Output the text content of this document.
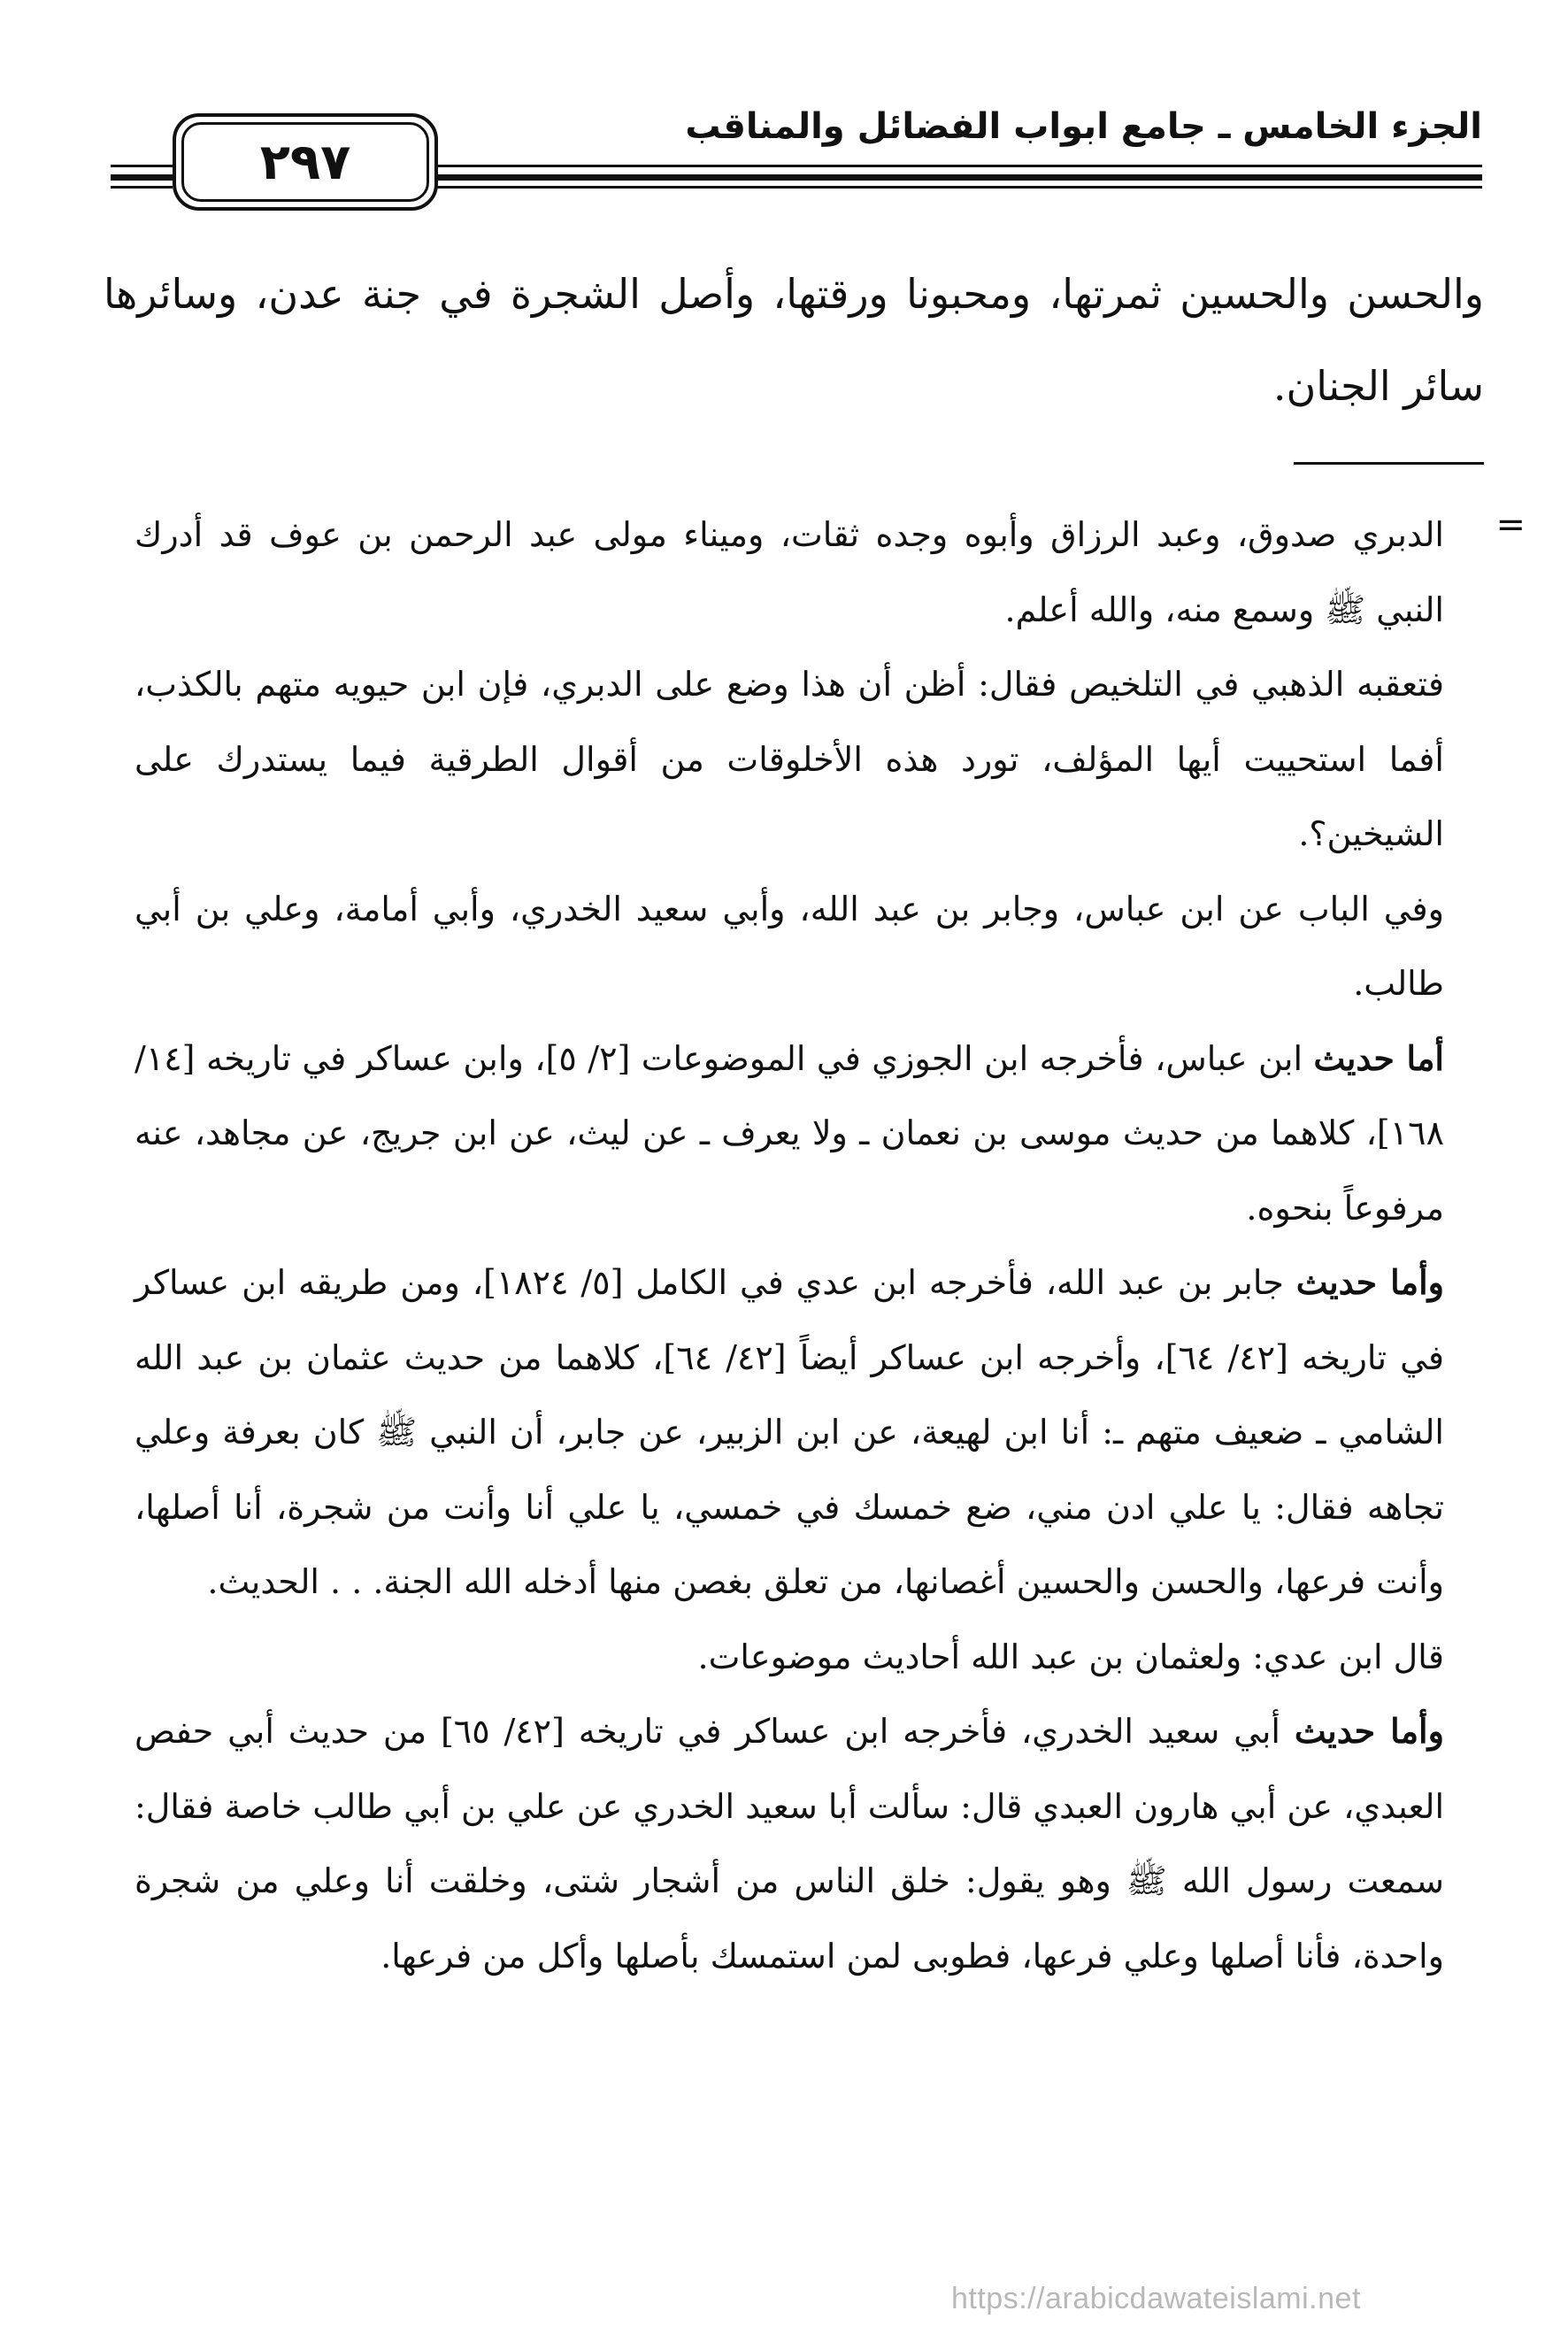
الجزء الخامس ـ جامع ابواب الفضائل والمناقب
٢٩٧
والحسن والحسين ثمرتها، ومحبونا ورقتها، وأصل الشجرة في جنة عدن، وسائرها سائر الجنان.
=

الدبري صدوق، وعبد الرزاق وأبوه وجده ثقات، وميناء مولى عبد الرحمن بن عوف قد أدرك النبي ﷺ وسمع منه، والله أعلم.

فتعقبه الذهبي في التلخيص فقال: أظن أن هذا وضع على الدبري، فإن ابن حيويه متهم بالكذب، أفما استحييت أيها المؤلف، تورد هذه الأخلوقات من أقوال الطرقية فيما يستدرك على الشيخين؟.

وفي الباب عن ابن عباس، وجابر بن عبد الله، وأبي سعيد الخدري، وأبي أمامة، وعلي بن أبي طالب.

أما حديث ابن عباس، فأخرجه ابن الجوزي في الموضوعات [٢/ ٥]، وابن عساكر في تاريخه [١٤/ ١٦٨]، كلاهما من حديث موسى بن نعمان ـ ولا يعرف ـ عن ليث، عن ابن جريج، عن مجاهد، عنه مرفوعاً بنحوه.

وأما حديث جابر بن عبد الله، فأخرجه ابن عدي في الكامل [٥/ ١٨٢٤]، ومن طريقه ابن عساكر في تاريخه [٤٢/ ٦٤]، وأخرجه ابن عساكر أيضاً [٤٢/ ٦٤]، كلاهما من حديث عثمان بن عبد الله الشامي ـ ضعيف متهم ـ: أنا ابن لهيعة، عن ابن الزبير، عن جابر، أن النبي ﷺ كان بعرفة وعلي تجاهه فقال: يا علي ادن مني، ضع خمسك في خمسي، يا علي أنا وأنت من شجرة، أنا أصلها، وأنت فرعها، والحسن والحسين أغصانها، من تعلق بغصن منها أدخله الله الجنة. . . الحديث.

قال ابن عدي: ولعثمان بن عبد الله أحاديث موضوعات.

وأما حديث أبي سعيد الخدري، فأخرجه ابن عساكر في تاريخه [٤٢/ ٦٥] من حديث أبي حفص العبدي، عن أبي هارون العبدي قال: سألت أبا سعيد الخدري عن علي بن أبي طالب خاصة فقال: سمعت رسول الله ﷺ وهو يقول: خلق الناس من أشجار شتى، وخلقت أنا وعلي من شجرة واحدة، فأنا أصلها وعلي فرعها، فطوبى لمن استمسك بأصلها وأكل من فرعها.

https://arabicdawateislami.net
